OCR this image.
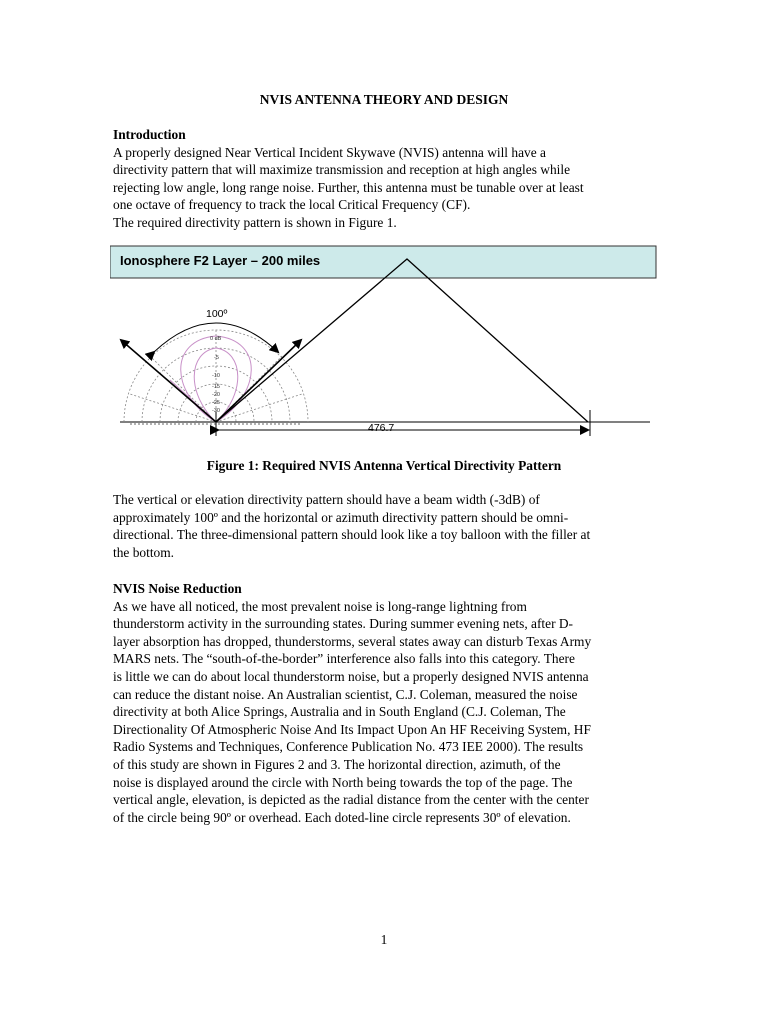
NVIS ANTENNA THEORY AND DESIGN

Introduction

A properly designed Near Vertical Incident Skywave (NVIS) antenna will have a

directivity pattern that will maximize transmission and reception at high angles while

rejecting low angle, long range noise. Further, this antenna must be tunable over at least

one octave of frequency to track the local Critical Frequency (CF).

The required directivity pattern is shown in Figure 1.

Ionosphere F2 Layer – 200 miles
0 dB
-5
-10
-15
-20
-25
-30
100º
476.7
Figure 1: Required NVIS Antenna Vertical Directivity Pattern

The vertical or elevation directivity pattern should have a beam width (-3dB) of

approximately 100º and the horizontal or azimuth directivity pattern should be omni-

directional. The three-dimensional pattern should look like a toy balloon with the filler at

the bottom.

NVIS Noise Reduction

As we have all noticed, the most prevalent noise is long-range lightning from

thunderstorm activity in the surrounding states. During summer evening nets, after D-

layer absorption has dropped, thunderstorms, several states away can disturb Texas Army

MARS nets. The “south-of-the-border” interference also falls into this category. There

is little we can do about local thunderstorm noise, but a properly designed NVIS antenna

can reduce the distant noise. An Australian scientist, C.J. Coleman, measured the noise

directivity at both Alice Springs, Australia and in South England (C.J. Coleman, The

Directionality Of Atmospheric Noise And Its Impact Upon An HF Receiving System, HF

Radio Systems and Techniques, Conference Publication No. 473 IEE 2000). The results

of this study are shown in Figures 2 and 3. The horizontal direction, azimuth, of the

noise is displayed around the circle with North being towards the top of the page. The

vertical angle, elevation, is depicted as the radial distance from the center with the center

of the circle being 90º or overhead. Each doted-line circle represents 30º of elevation.

1
